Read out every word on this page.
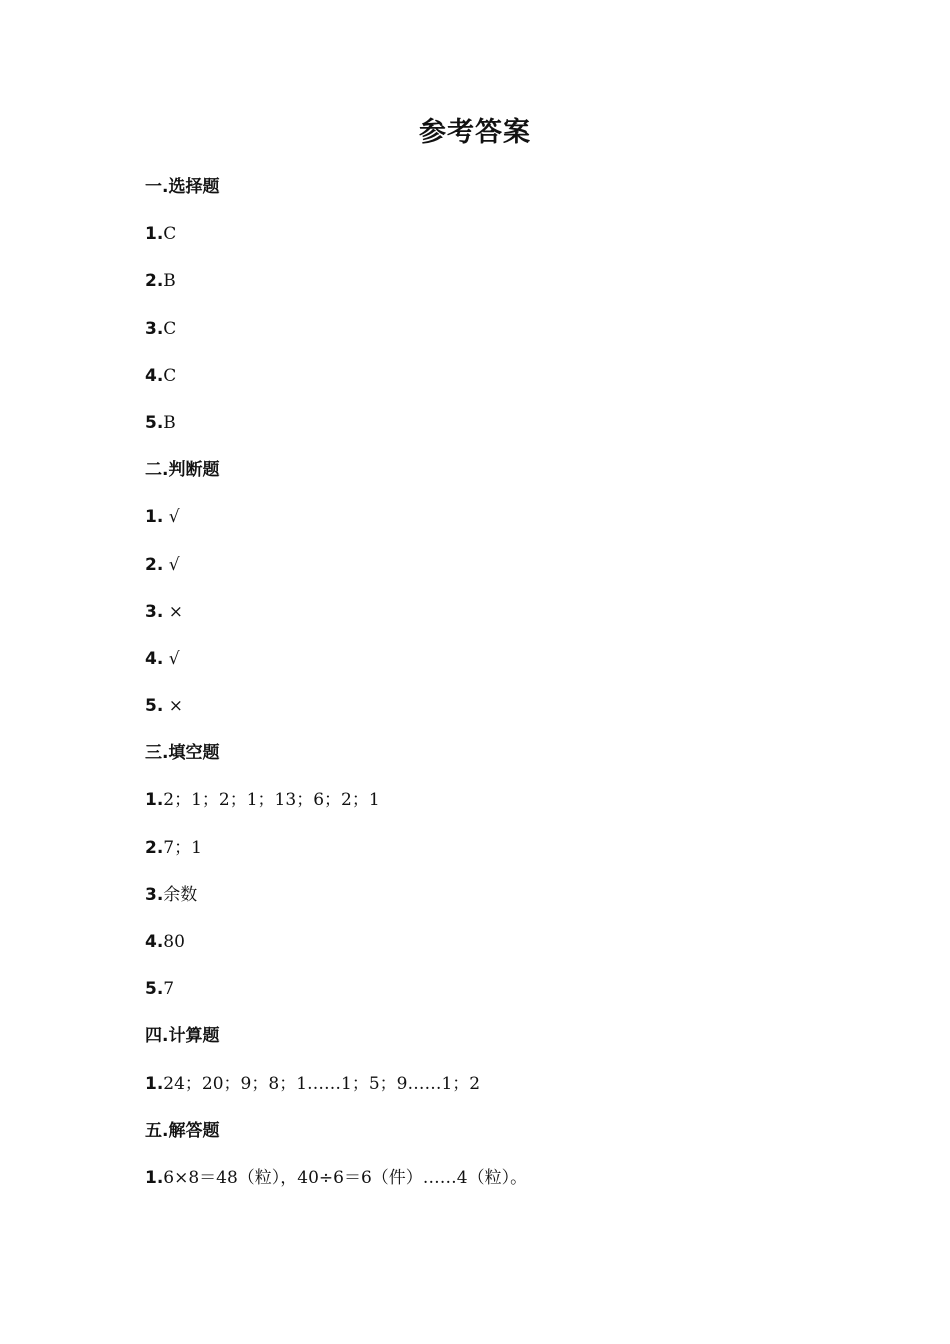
参考答案
一.选择题
1.C
2.B
3.C
4.C
5.B
二.判断题
1. √
2. √
3. ×
4. √
5. ×
三.填空题
1.2；1；2；1；13；6；2；1
2.7；1
3.余数
4.80
5.7
四.计算题
1.24；20；9；8；1……1；5；9……1；2
五.解答题
1.6×8＝48（粒），40÷6＝6（件）……4（粒）。
